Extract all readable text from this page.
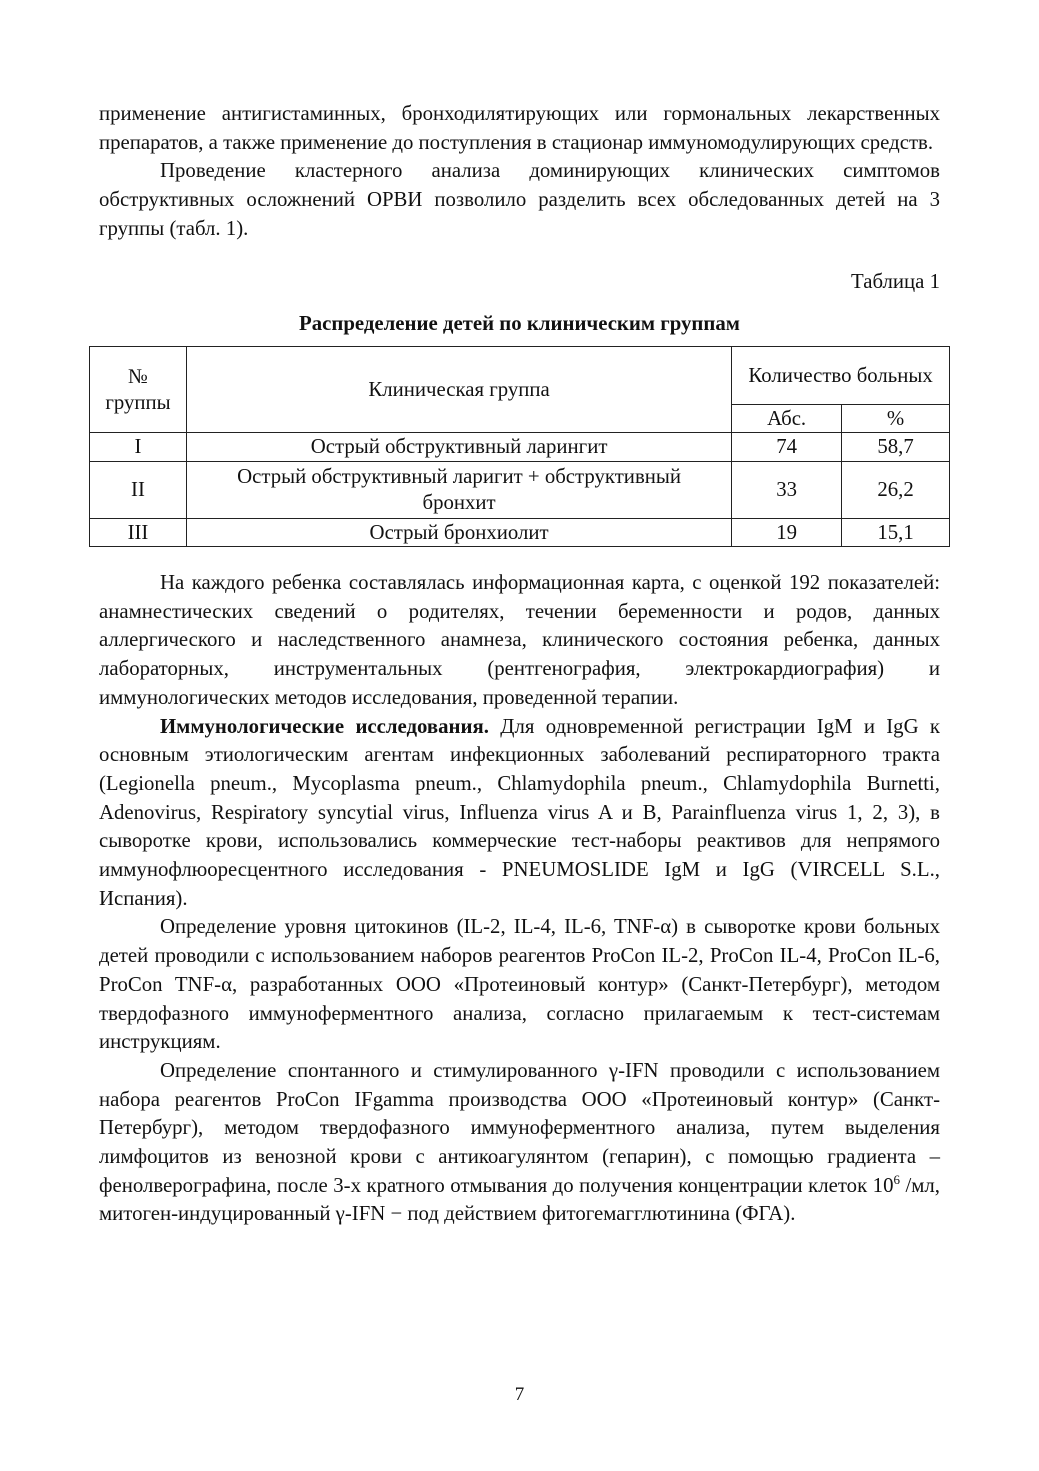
применение антигистаминных, бронходилятирующих или гормональных лекарственных препаратов, а также применение до поступления в стационар иммуномодулирующих средств.

Проведение кластерного анализа доминирующих клинических симптомов обструктивных осложнений ОРВИ позволило разделить всех обследованных детей на 3 группы (табл. 1).

Таблица 1
Распределение детей по клиническим группам
№ группы	Клиническая группа	Количество больных	
		Абс.	%
I	Острый обструктивный ларингит	74	58,7
II	Острый обструктивный ларигит + обструктивный бронхит	33	26,2
III	Острый бронхиолит	19	15,1

На каждого ребенка составлялась информационная карта, с оценкой 192 показателей: анамнестических сведений о родителях, течении беременности и родов, данных аллергического и наследственного анамнеза, клинического состояния ребенка, данных лабораторных, инструментальных (рентгенография, электрокардиография) и иммунологических методов исследования, проведенной терапии.

Иммунологические исследования. Для одновременной регистрации IgM и IgG к основным этиологическим агентам инфекционных заболеваний респираторного тракта (Legionella pneum., Mycoplasma pneum., Chlamydophila pneum., Chlamydophila Burnetti, Adenovirus, Respiratory syncytial virus, Influenza virus A и B, Parainfluenza virus 1, 2, 3), в сыворотке крови, использовались коммерческие тест-наборы реактивов для непрямого иммунофлюоресцентного исследования - PNEUMOSLIDE IgM и IgG (VIRCELL S.L., Испания).

Определение уровня цитокинов (IL-2, IL-4, IL-6, TNF-α) в сыворотке крови больных детей проводили с использованием наборов реагентов ProCon IL-2, ProCon IL-4, ProCon IL-6, ProCon TNF-α, разработанных ООО «Протеиновый контур» (Санкт-Петербург), методом твердофазного иммуноферментного анализа, согласно прилагаемым к тест-системам инструкциям.

Определение спонтанного и стимулированного γ-IFN проводили с использованием набора реагентов ProCon IFgamma производства ООО «Протеиновый контур» (Санкт-Петербург), методом твердофазного иммуноферментного анализа, путем выделения лимфоцитов из венозной крови с антикоагулянтом (гепарин), с помощью градиента – фенолверографина, после 3-х кратного отмывания до получения концентрации клеток $10^6$ /мл, митоген-индуцированный γ-IFN − под действием фитогемагглютинина (ФГА).

7
